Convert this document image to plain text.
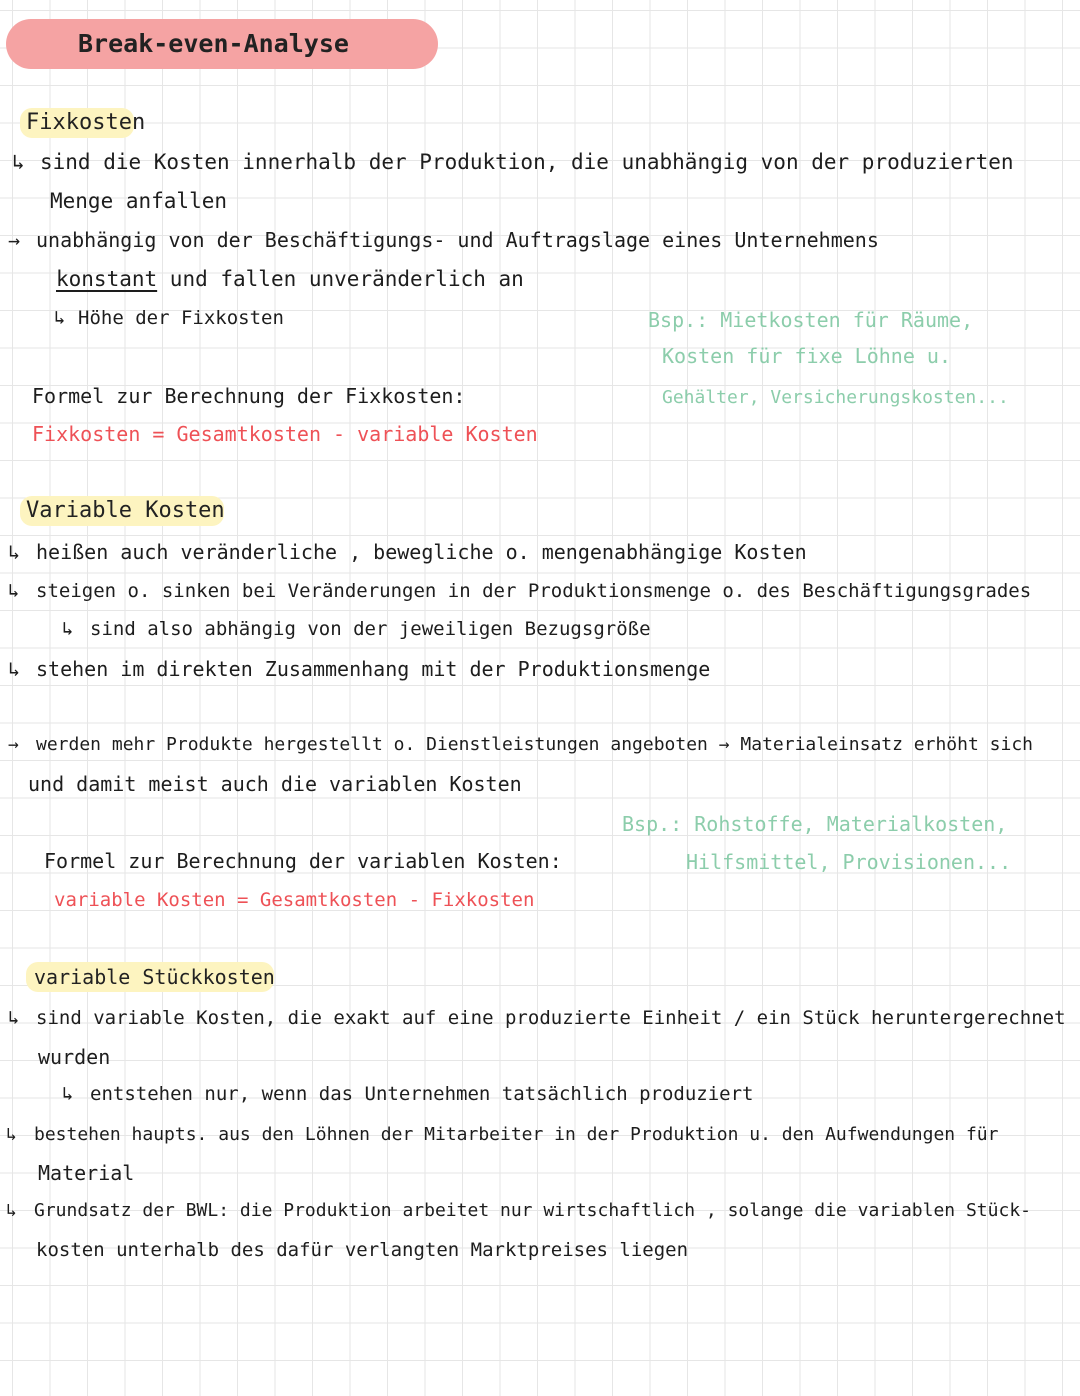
Break-even-Analyse
Fixkosten
↳ sind die Kosten innerhalb der Produktion, die unabhängig von der produzierten
Menge anfallen
→ unabhängig von der Beschäftigungs- und Auftragslage eines Unternehmens
konstant und fallen unveränderlich an
↳ Höhe der Fixkosten	Bsp.: Mietkosten für Räume,
Kosten für fixe Löhne u.
Gehälter, Versicherungskosten...
Formel zur Berechnung der Fixkosten:
Fixkosten = Gesamtkosten - variable Kosten
Variable Kosten
↳ heißen auch veränderliche , bewegliche o. mengenabhängige Kosten
↳ steigen o. sinken bei Veränderungen in der Produktionsmenge o. des Beschäftigungsgrades
↳ sind also abhängig von der jeweiligen Bezugsgröße
↳ stehen im direkten Zusammenhang mit der Produktionsmenge
→ werden mehr Produkte hergestellt o. Dienstleistungen angeboten → Materialeinsatz erhöht sich
und damit meist auch die variablen Kosten
Bsp.: Rohstoffe, Materialkosten,
Hilfsmittel, Provisionen...
Formel zur Berechnung der variablen Kosten:
variable Kosten = Gesamtkosten - Fixkosten
variable Stückkosten
↳ sind variable Kosten, die exakt auf eine produzierte Einheit / ein Stück heruntergerechnet
wurden
↳ entstehen nur, wenn das Unternehmen tatsächlich produziert
↳ bestehen haupts. aus den Löhnen der Mitarbeiter in der Produktion u. den Aufwendungen für
Material
↳ Grundsatz der BWL: die Produktion arbeitet nur wirtschaftlich , solange die variablen Stück-
kosten unterhalb des dafür verlangten Marktpreises liegen
